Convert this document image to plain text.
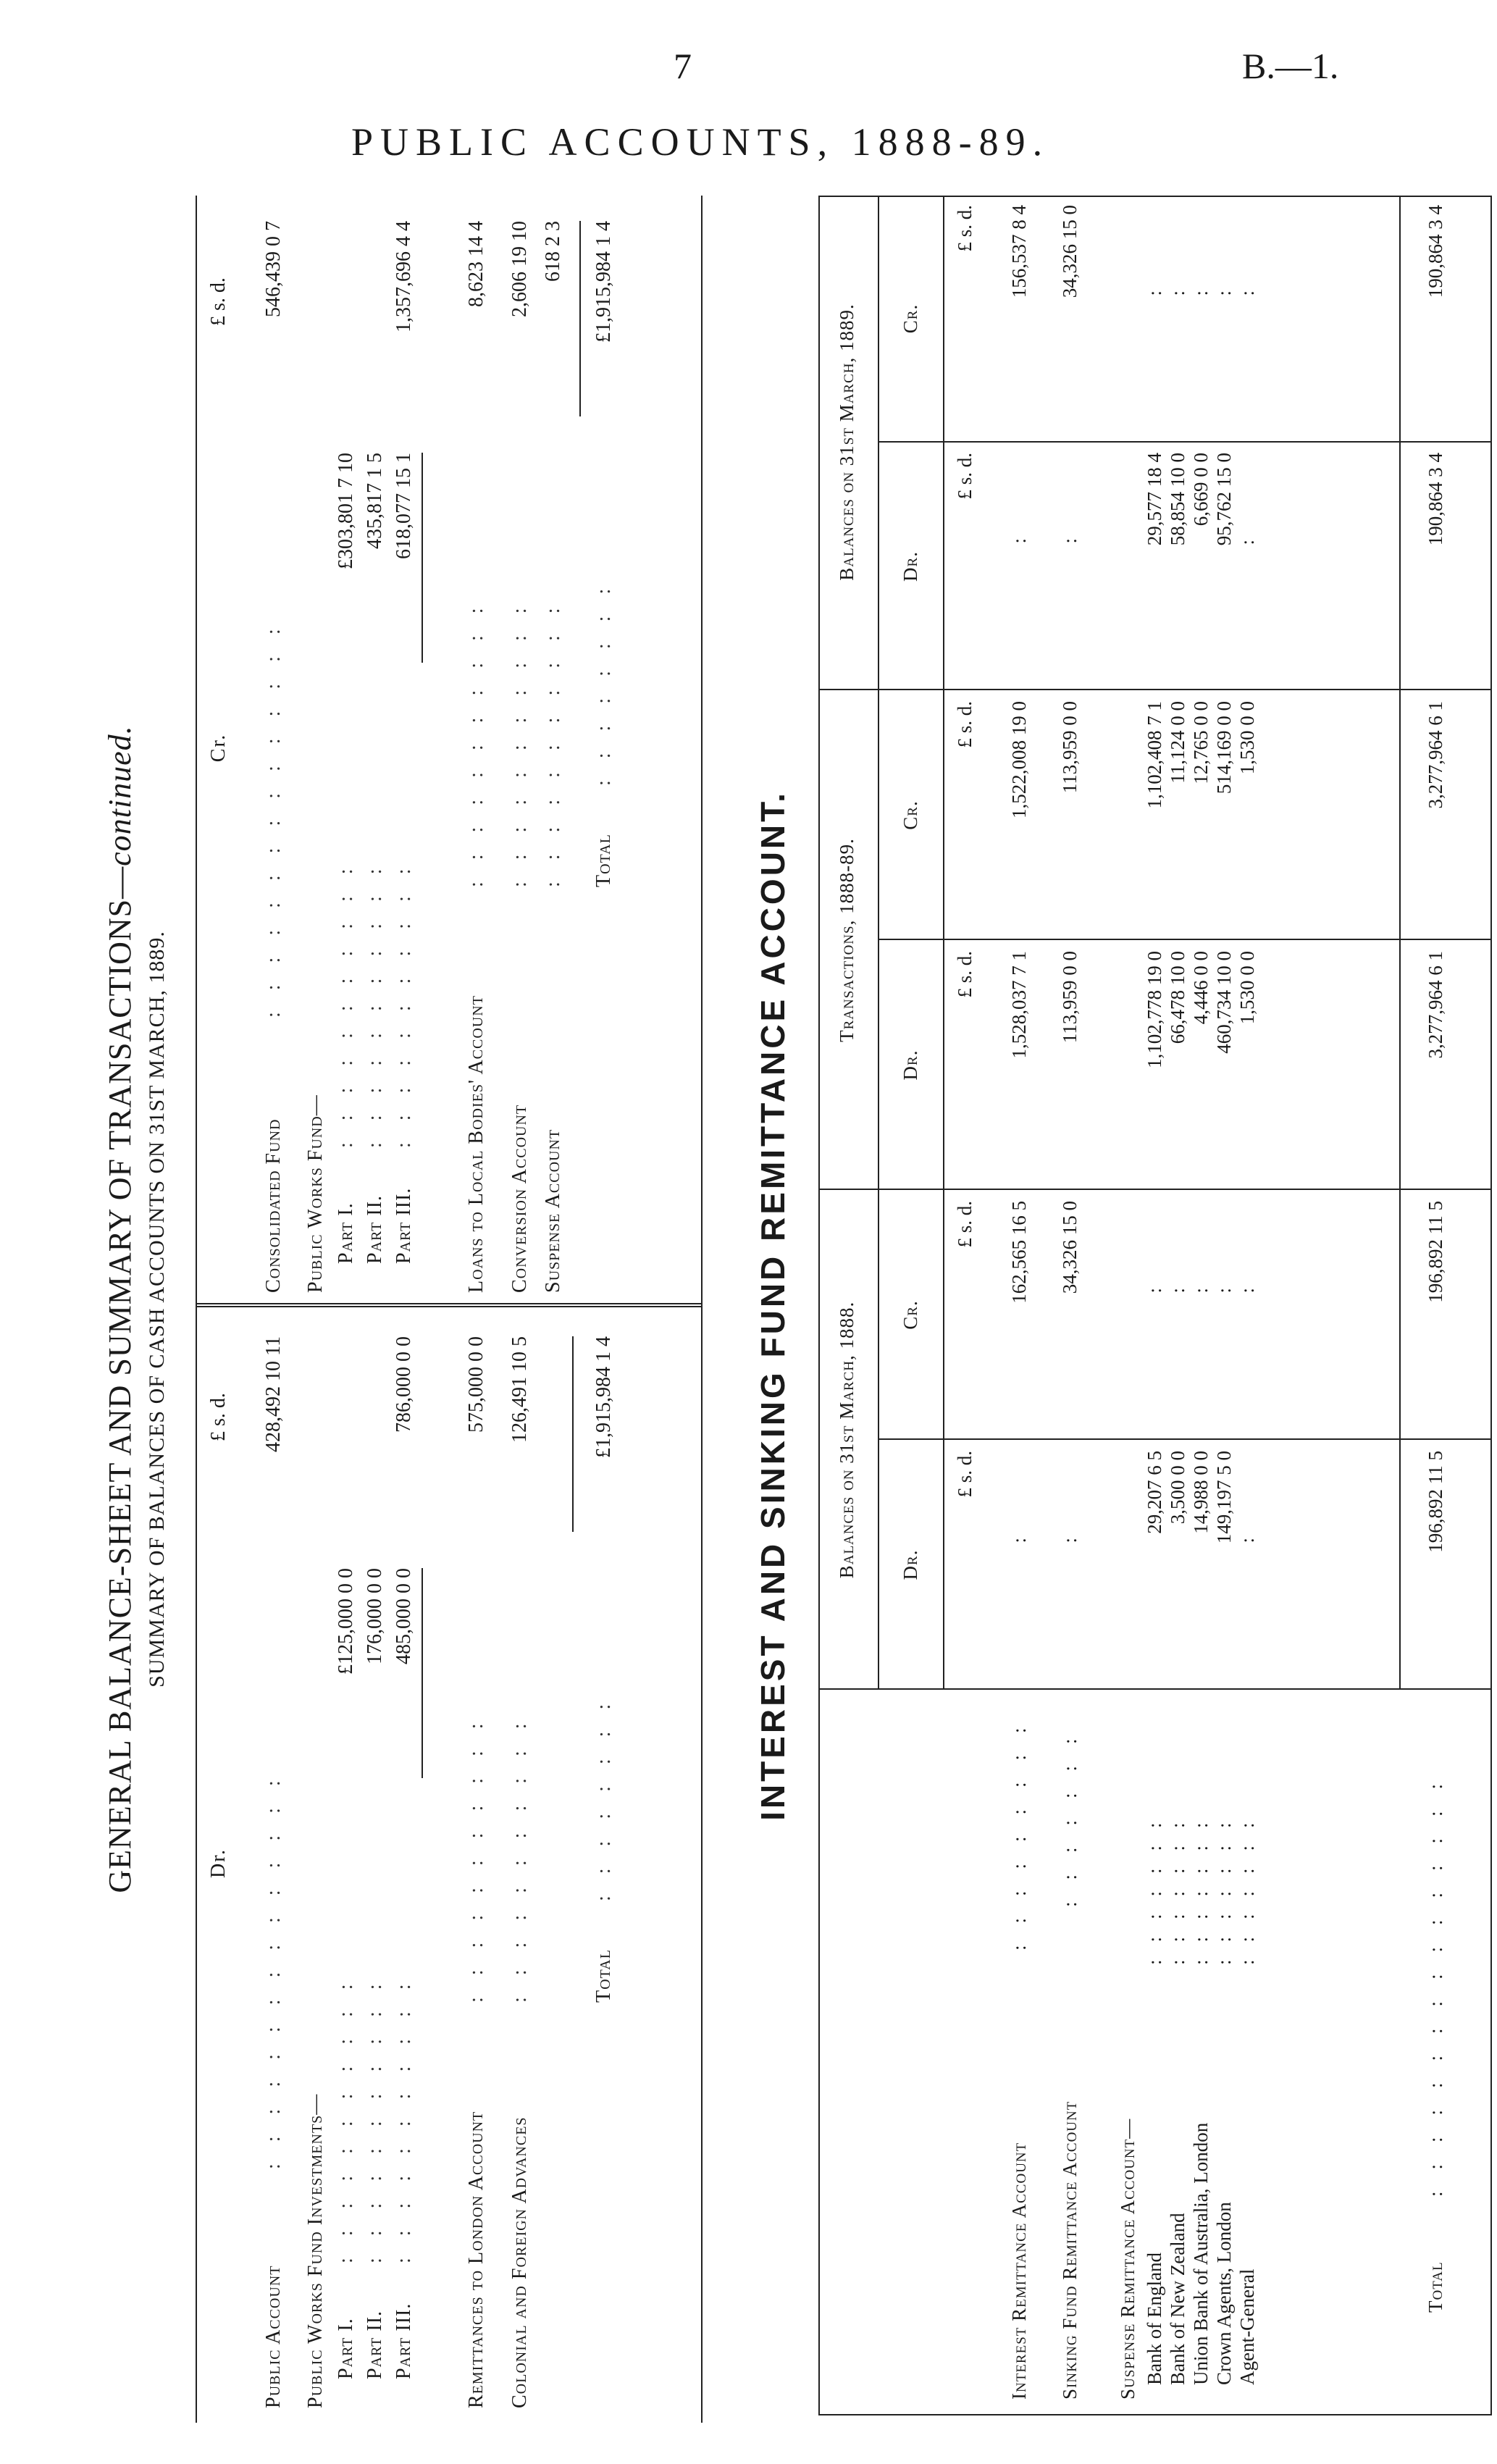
7	B.—1.
PUBLIC ACCOUNTS, 1888-89.
GENERAL BALANCE-SHEET AND SUMMARY OF TRANSACTIONS—continued.
SUMMARY OF BALANCES OF CASH ACCOUNTS ON 31ST MARCH, 1889.
Dr.
£ s. d.
Public Account
:::::::::::::::
428,492 10 11
Public Works Fund Investments— Part I.
:::::::::::
£125,000 0 0
Part II.
:::::::::::
176,000 0 0
Part III.
:::::::::::
485,000 0 0
786,000 0 0
Remittances to London Account
:::::::::::
575,000 0 0
Colonial and Foreign Advances
:::::::::::
126,491 10 5
Total
::::::::
£1,915,984 1 4
Cr.
£ s. d.
Consolidated Fund
:::::::::::::::
546,439 0 7
Public Works Fund— Part I.
:::::::::::
£303,801 7 10
Part II.
:::::::::::
435,817 1 5
Part III.
:::::::::::
618,077 15 1
1,357,696 4 4
Loans to Local Bodies' Account
:::::::::::
8,623 14 4
Conversion Account
:::::::::::
2,606 19 10
Suspense Account
:::::::::::
618 2 3
Total
::::::::
£1,915,984 1 4
INTEREST AND SINKING FUND REMITTANCE ACCOUNT. Balances on 31st March, 1888.
Transactions, 1888-89.
Balances on 31st March, 1889.
Dr.
Cr.
Dr.
Cr.
Dr.
Cr.
£ s. d.
£ s. d.
£ s. d.
£ s. d.
£ s. d.
£ s. d.
Interest Remittance Account
:::::::::
:
162,565 16 5
1,528,037 7 1
1,522,008 19 0
:
156,537 8 4
Sinking Fund Remittance Account
:::::::
:
34,326 15 0
113,959 0 0
113,959 0 0
:
34,326 15 0
Suspense Remittance Account— Bank of England Bank of New Zealand Union Bank of Australia, London Crown Agents, London Agent-General
::::::: ::::::: ::::::: ::::::: :::::::
29,207 6 5 3,500 0 0 14,988 0 0 149,197 5 0 :
: : : : :
1,102,778 19 0 66,478 10 0 4,446 0 0 460,734 10 0 1,530 0 0
1,102,408 7 1 11,124 0 0 12,765 0 0 514,169 0 0 1,530 0 0
29,577 18 4 58,854 10 0 6,669 0 0 95,762 15 0 :
: : : : :
Total
::::::::::::::::
196,892 11 5
196,892 11 5
3,277,964 6 1
3,277,964 6 1
190,864 3 4
190,864 3 4
